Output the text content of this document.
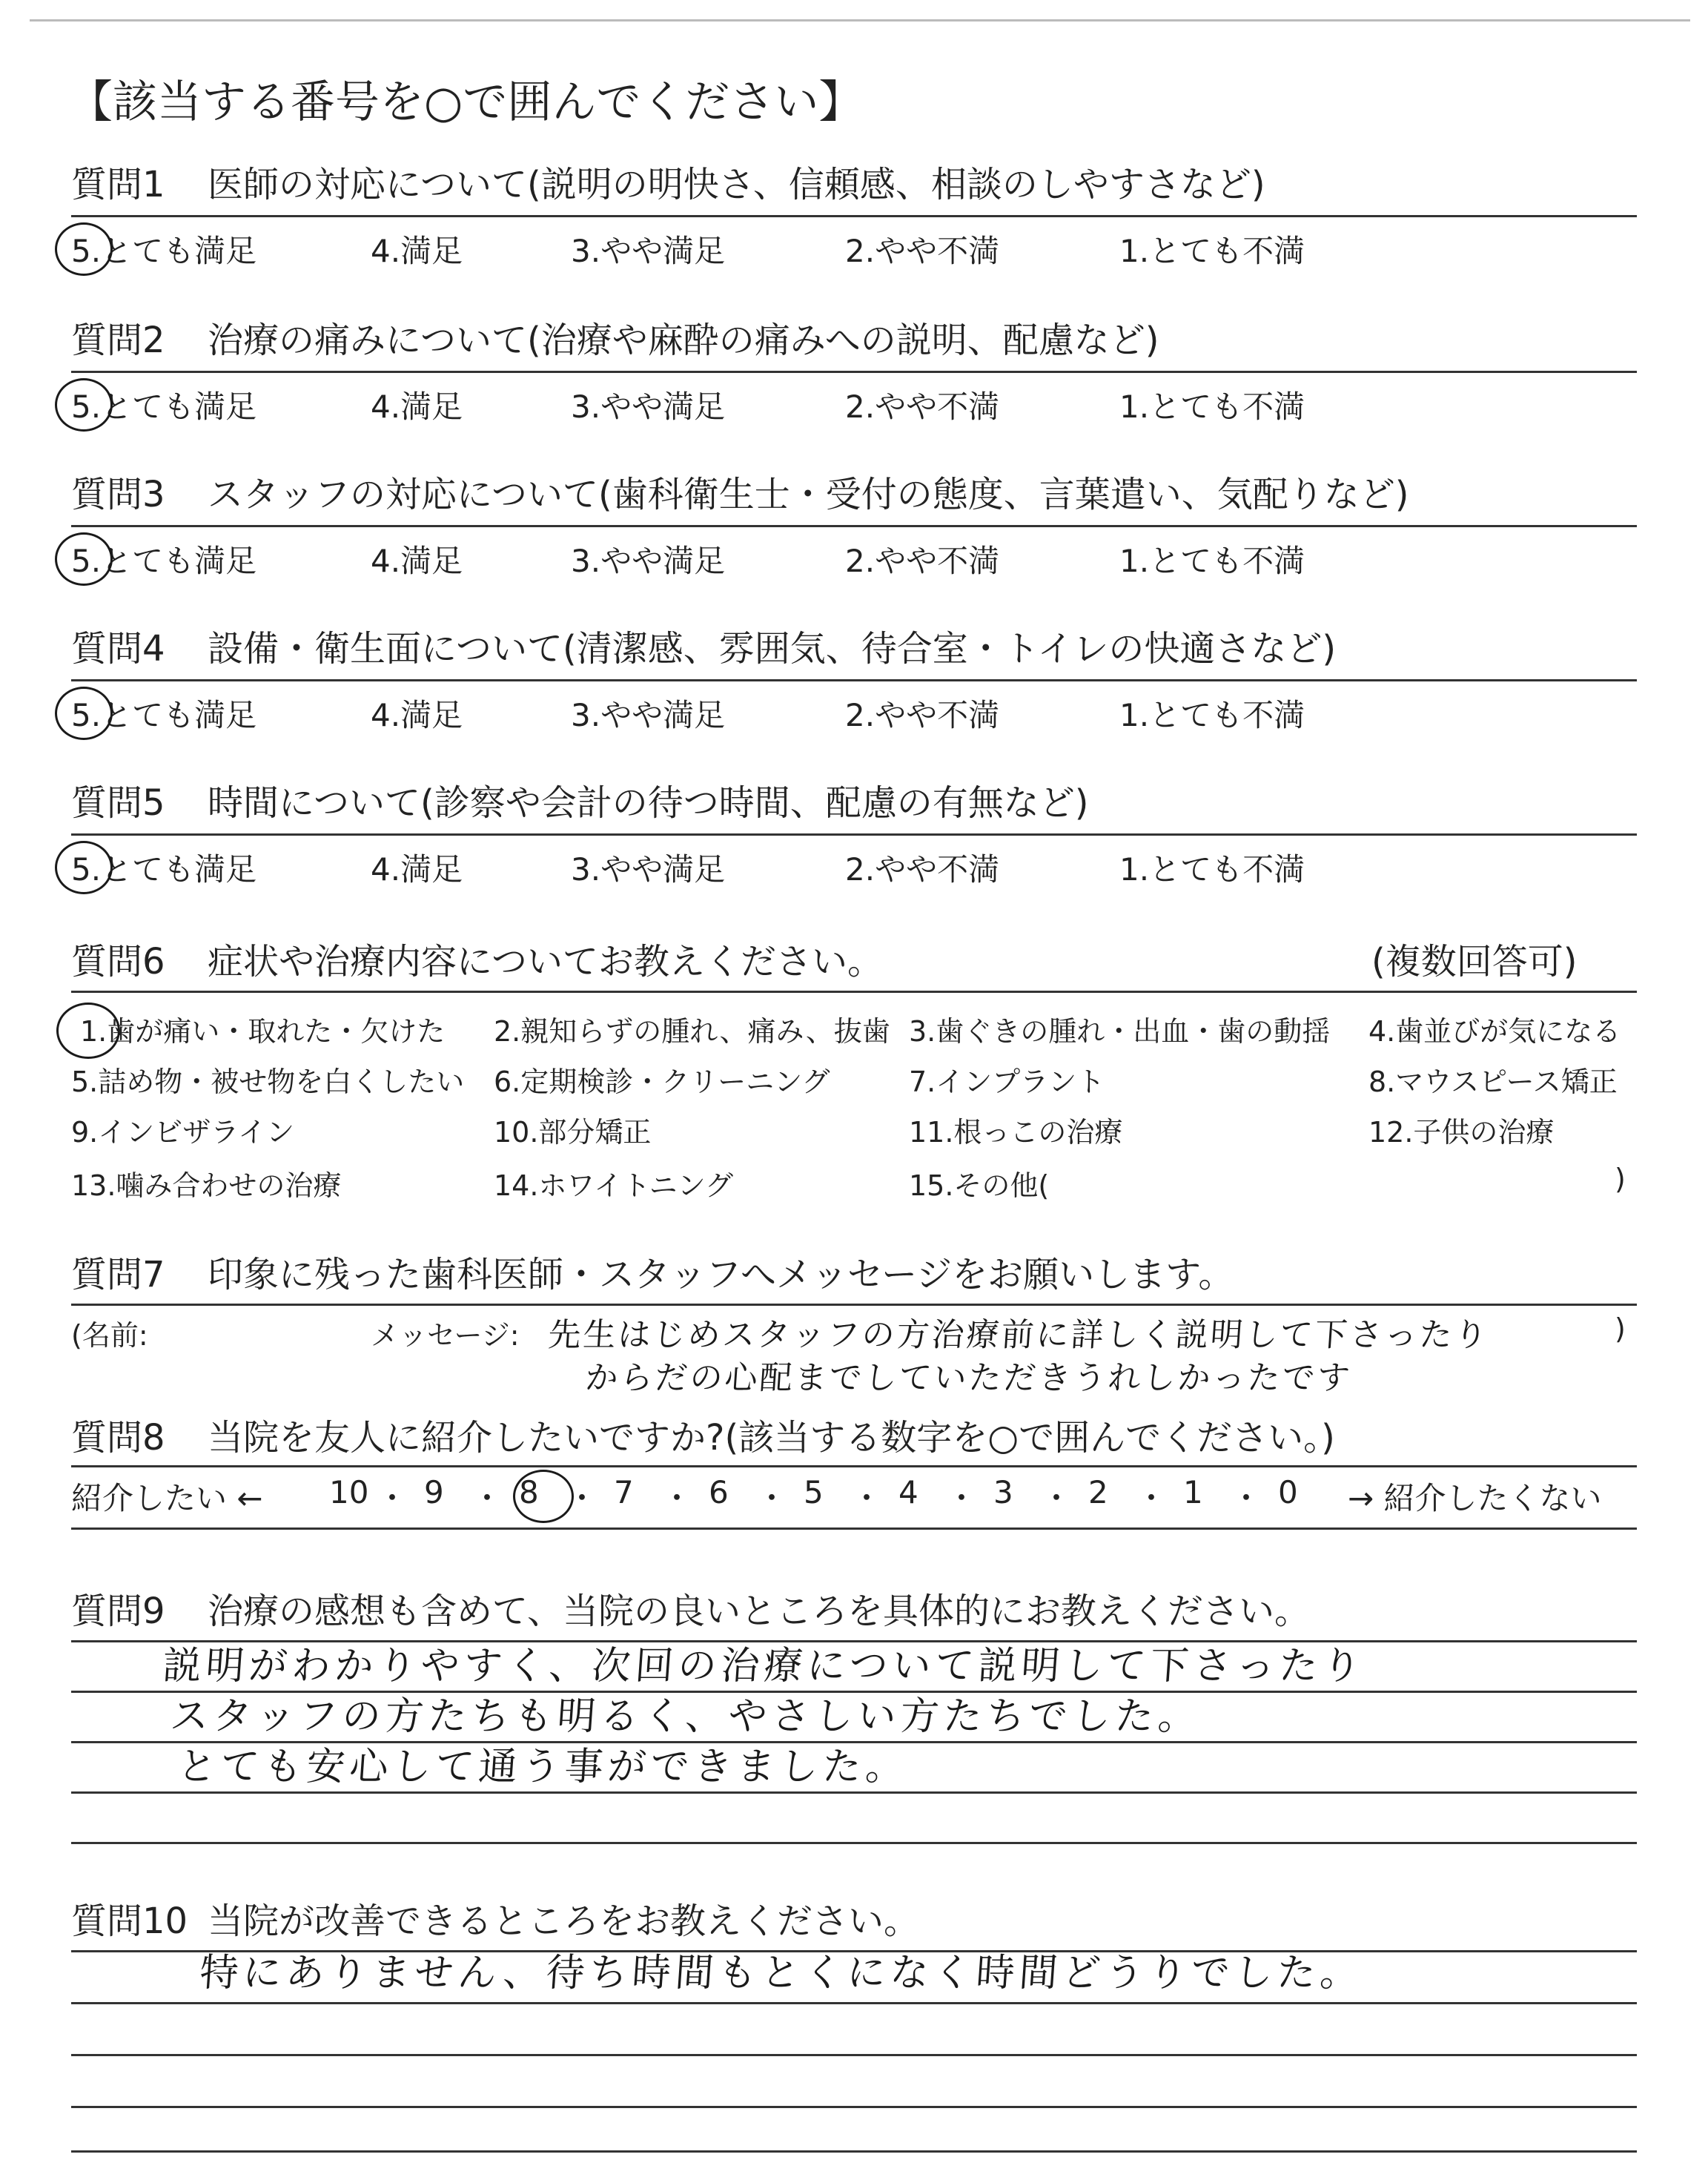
【該当する番号を○で囲んでください】
質問1 医師の対応について(説明の明快さ、信頼感、相談のしやすさなど)
5.とても満足	4.満足	3.やや満足	2.やや不満	1.とても不満
質問2 治療の痛みについて(治療や麻酔の痛みへの説明、配慮など)
5.とても満足	4.満足	3.やや満足	2.やや不満	1.とても不満
質問3 スタッフの対応について(歯科衛生士・受付の態度、言葉遣い、気配りなど)
5.とても満足	4.満足	3.やや満足	2.やや不満	1.とても不満
質問4 設備・衛生面について(清潔感、雰囲気、待合室・トイレの快適さなど)
5.とても満足	4.満足	3.やや満足	2.やや不満	1.とても不満
質問5 時間について(診察や会計の待つ時間、配慮の有無など)
5.とても満足	4.満足	3.やや満足	2.やや不満	1.とても不満
質問6 症状や治療内容についてお教えください。	(複数回答可)
1.歯が痛い・取れた・欠けた 2.親知らずの腫れ、痛み、抜歯 3.歯ぐきの腫れ・出血・歯の動揺 4.歯並びが気になる
5.詰め物・被せ物を白くしたい 6.定期検診・クリーニング	7.インプラント	8.マウスピース矯正
9.インビザライン	10.部分矯正	11.根っこの治療	12.子供の治療
13.噛み合わせの治療	14.ホワイトニング	15.その他(	)
質問7 印象に残った歯科医師・スタッフへメッセージをお願いします。
(名前:	メッセージ:	)
先生はじめスタッフの方治療前に詳しく説明して下さったり
からだの心配までしていただきうれしかったです
質問8 当院を友人に紹介したいですか?(該当する数字を○で囲んでください。)
紹介したい ← 10 ・ 9 ・ 8 ・ 7 ・ 6 ・ 5 ・ 4 ・ 3 ・ 2 ・ 1 ・ 0 → 紹介したくない
質問9 治療の感想も含めて、当院の良いところを具体的にお教えください。
説明がわかりやすく、次回の治療について説明して下さったり
スタッフの方たちも明るく、やさしい方たちでした。
とても安心して通う事ができました。
質問10 当院が改善できるところをお教えください。
特にありません、待ち時間もとくになく時間どうりでした。
